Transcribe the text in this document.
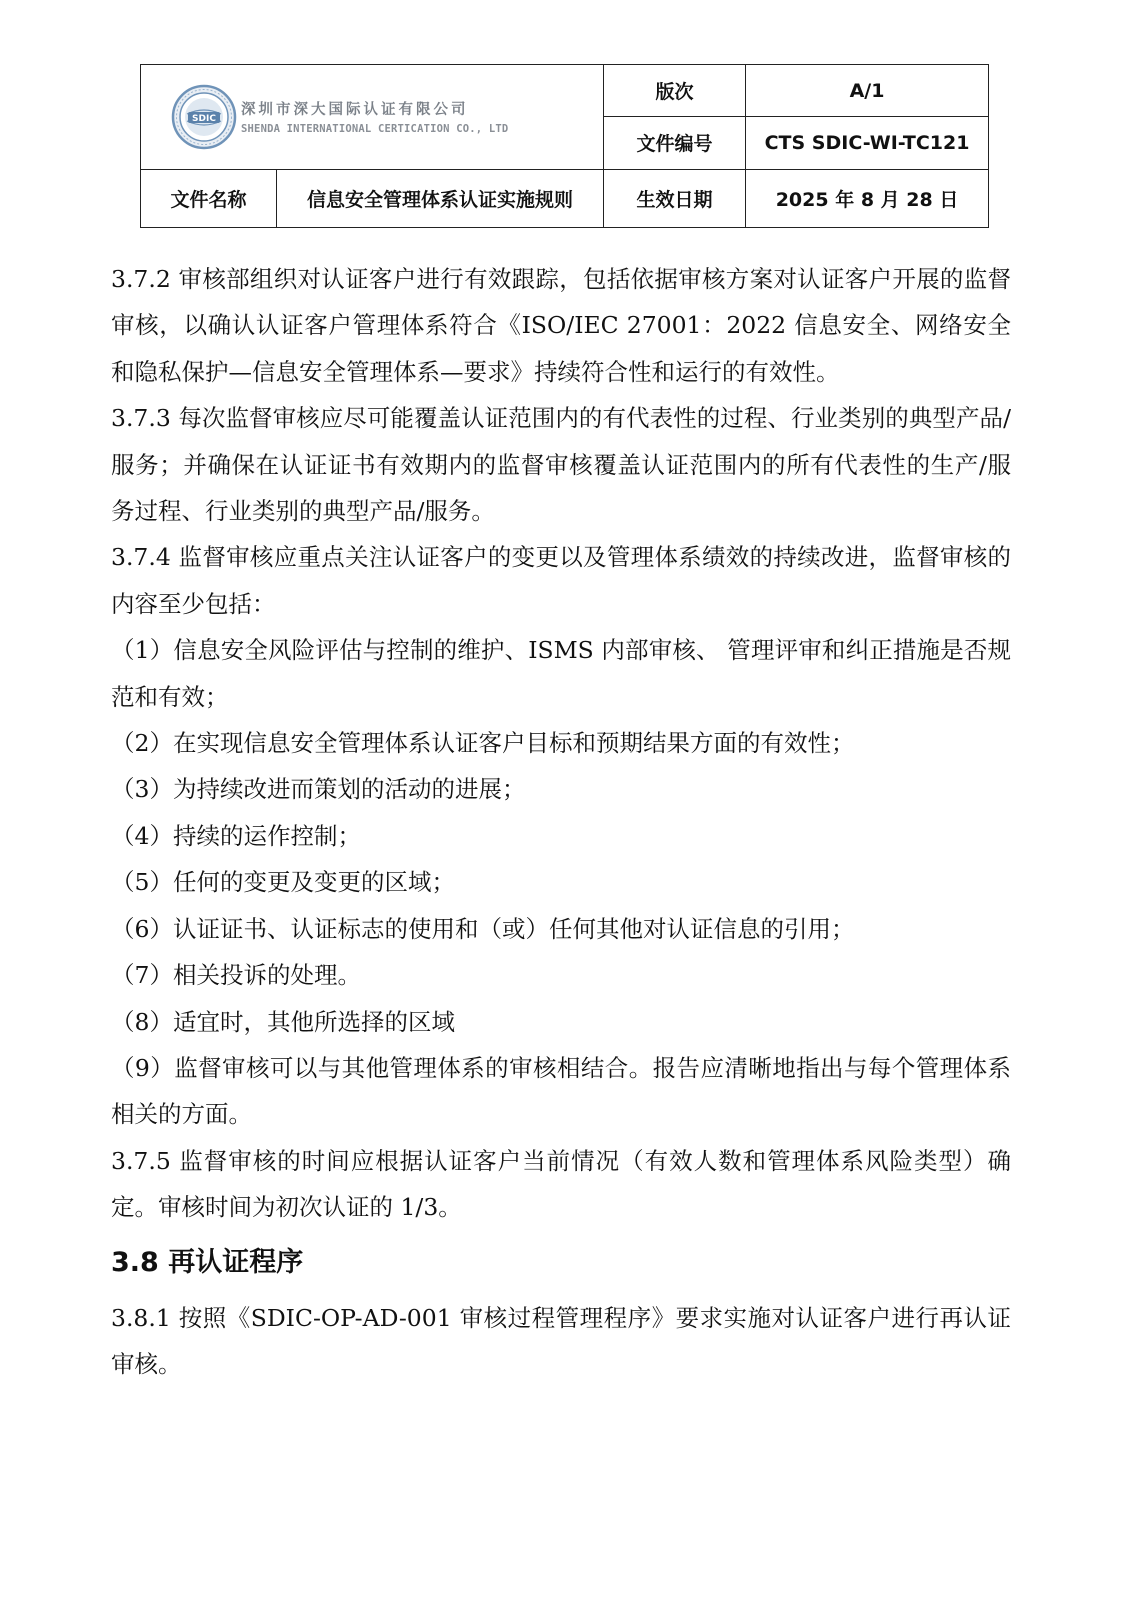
SDIC
深圳市深大国际认证有限公司
SHENDA INTERNATIONAL CERTICATION CO., LTD		版次	A/1
		文件编号	CTS SDIC-WI-TC121
文件名称	信息安全管理体系认证实施规则	生效日期	2025 年 8 月 28 日

3.7.2 审核部组织对认证客户进行有效跟踪，包括依据审核方案对认证客户开展的监督审核，以确认认证客户管理体系符合《ISO/IEC 27001：2022 信息安全、网络安全和隐私保护—信息安全管理体系—要求》持续符合性和运行的有效性。

3.7.3 每次监督审核应尽可能覆盖认证范围内的有代表性的过程、行业类别的典型产品/服务；并确保在认证证书有效期内的监督审核覆盖认证范围内的所有代表性的生产/服务过程、行业类别的典型产品/服务。

3.7.4 监督审核应重点关注认证客户的变更以及管理体系绩效的持续改进，监督审核的内容至少包括：

（1）信息安全风险评估与控制的维护、ISMS 内部审核、 管理评审和纠正措施是否规范和有效；

（2）在实现信息安全管理体系认证客户目标和预期结果方面的有效性；

（3）为持续改进而策划的活动的进展；

（4）持续的运作控制；

（5）任何的变更及变更的区域；

（6）认证证书、认证标志的使用和（或）任何其他对认证信息的引用；

（7）相关投诉的处理。

（8）适宜时，其他所选择的区域

（9）监督审核可以与其他管理体系的审核相结合。报告应清晰地指出与每个管理体系相关的方面。

3.7.5 监督审核的时间应根据认证客户当前情况（有效人数和管理体系风险类型）确定。审核时间为初次认证的 1/3。

3.8 再认证程序

3.8.1 按照《SDIC-OP-AD-001 审核过程管理程序》要求实施对认证客户进行再认证审核。
